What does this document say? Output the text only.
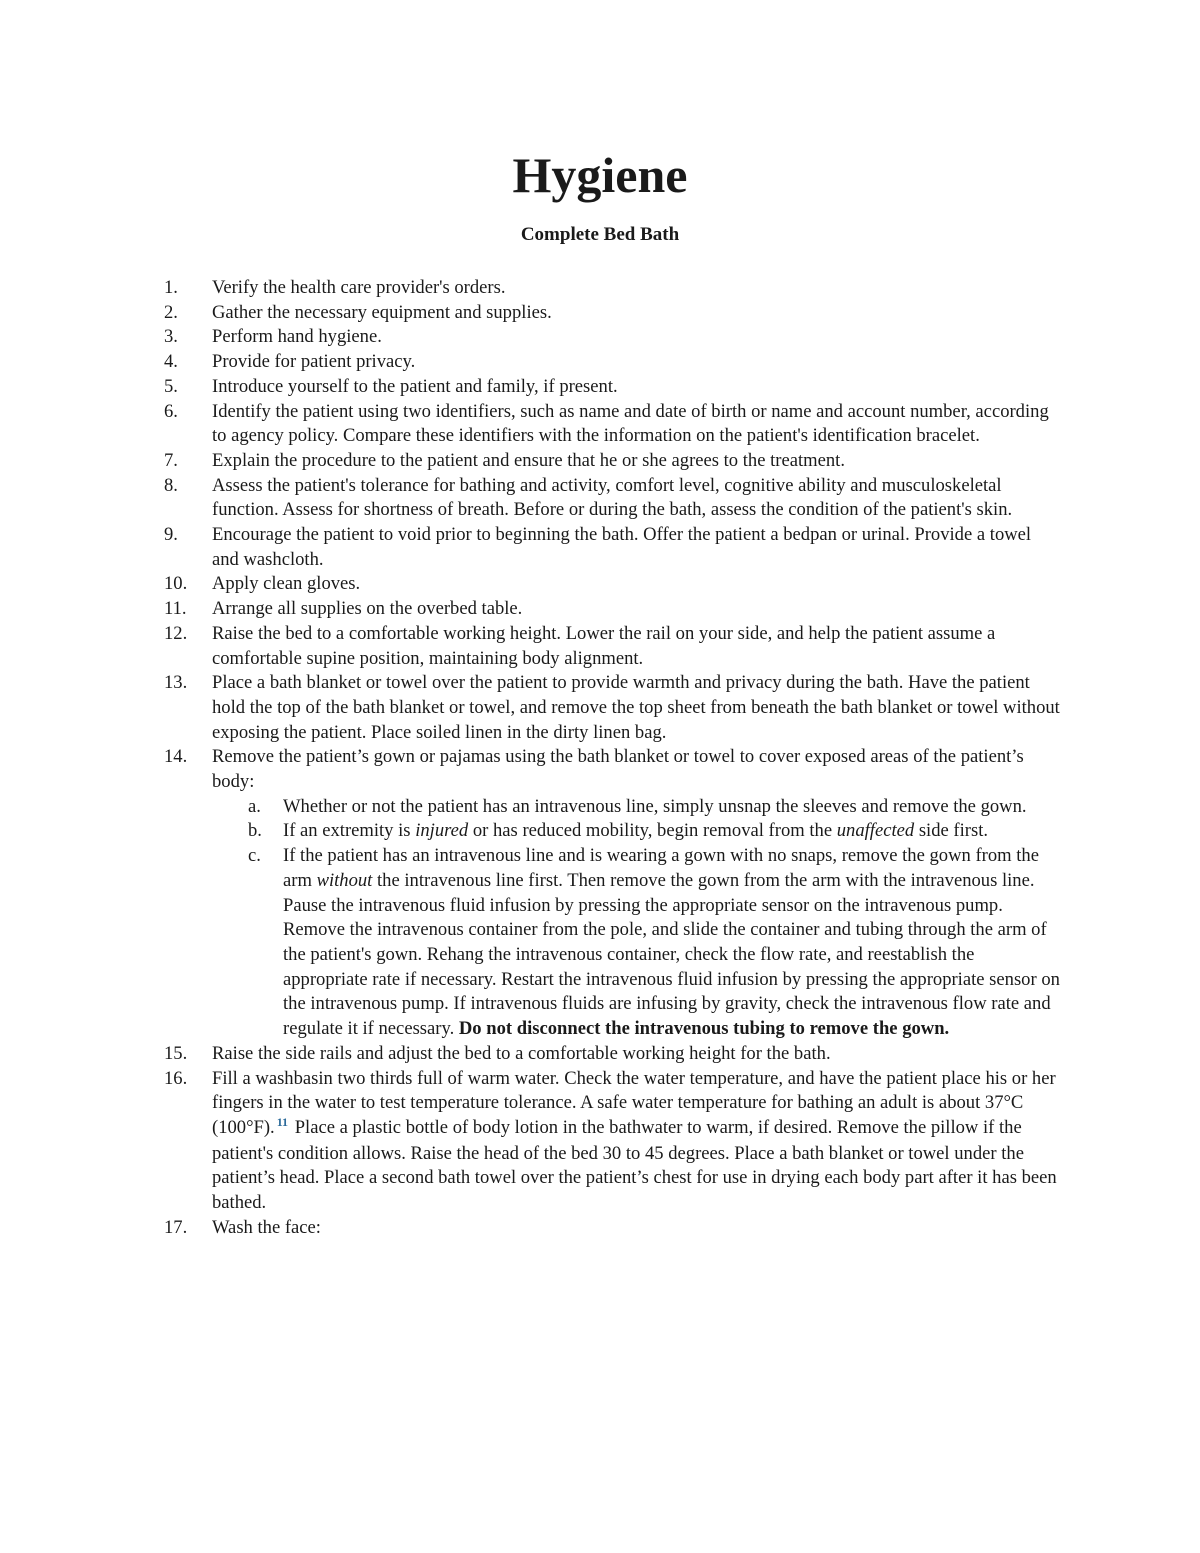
Hygiene
Complete Bed Bath
1.	Verify the health care provider's orders.
2.	Gather the necessary equipment and supplies.
3.	Perform hand hygiene.
4.	Provide for patient privacy.
5.	Introduce yourself to the patient and family, if present.
6.	Identify the patient using two identifiers, such as name and date of birth or name and account number, according to agency policy. Compare these identifiers with the information on the patient's identification bracelet.
7.	Explain the procedure to the patient and ensure that he or she agrees to the treatment.
8.	Assess the patient's tolerance for bathing and activity, comfort level, cognitive ability and musculoskeletal function. Assess for shortness of breath. Before or during the bath, assess the condition of the patient's skin.
9.	Encourage the patient to void prior to beginning the bath. Offer the patient a bedpan or urinal. Provide a towel and washcloth.
10.	Apply clean gloves.
11.	Arrange all supplies on the overbed table.
12.	Raise the bed to a comfortable working height. Lower the rail on your side, and help the patient assume a comfortable supine position, maintaining body alignment.
13.	Place a bath blanket or towel over the patient to provide warmth and privacy during the bath. Have the patient hold the top of the bath blanket or towel, and remove the top sheet from beneath the bath blanket or towel without exposing the patient. Place soiled linen in the dirty linen bag.
14.	Remove the patient’s gown or pajamas using the bath blanket or towel to cover exposed areas of the patient’s body:
a.	Whether or not the patient has an intravenous line, simply unsnap the sleeves and remove the gown.
b.	If an extremity is injured or has reduced mobility, begin removal from the unaffected side first.
c.	If the patient has an intravenous line and is wearing a gown with no snaps, remove the gown from the arm without the intravenous line first. Then remove the gown from the arm with the intravenous line. Pause the intravenous fluid infusion by pressing the appropriate sensor on the intravenous pump. Remove the intravenous container from the pole, and slide the container and tubing through the arm of the patient's gown. Rehang the intravenous container, check the flow rate, and reestablish the appropriate rate if necessary. Restart the intravenous fluid infusion by pressing the appropriate sensor on the intravenous pump. If intravenous fluids are infusing by gravity, check the intravenous flow rate and regulate it if necessary. Do not disconnect the intravenous tubing to remove the gown.
15.	Raise the side rails and adjust the bed to a comfortable working height for the bath.
16.	Fill a washbasin two thirds full of warm water. Check the water temperature, and have the patient place his or her fingers in the water to test temperature tolerance. A safe water temperature for bathing an adult is about 37°C (100°F). $^{11}$ Place a plastic bottle of body lotion in the bathwater to warm, if desired. Remove the pillow if the patient's condition allows. Raise the head of the bed 30 to 45 degrees. Place a bath blanket or towel under the patient’s head. Place a second bath towel over the patient’s chest for use in drying each body part after it has been bathed.
17.	Wash the face:
